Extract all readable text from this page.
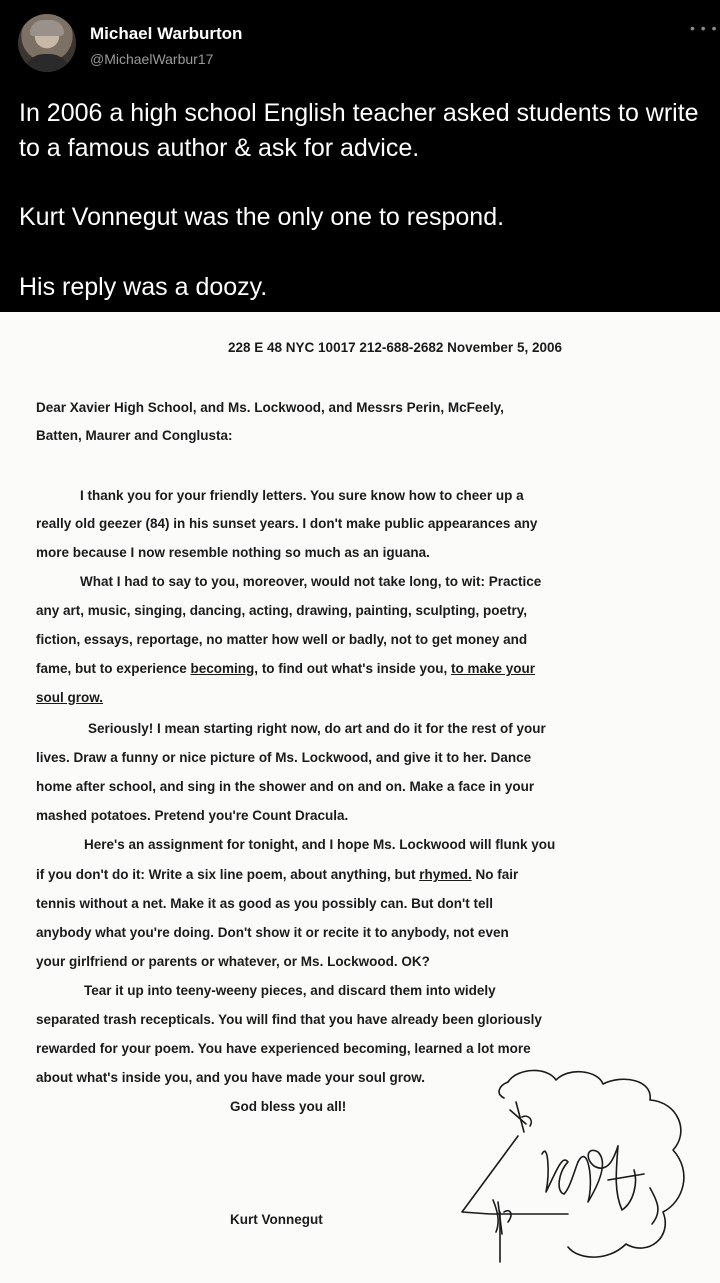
Michael Warburton
@MichaelWarbur17
• • •
In 2006 a high school English teacher asked students to write to a famous author & ask for advice.
Kurt Vonnegut was the only one to respond.
His reply was a doozy.
228 E 48 NYC 10017 212-688-2682 November 5, 2006
Dear Xavier High School, and Ms. Lockwood, and Messrs Perin, McFeely,
Batten, Maurer and Conglusta:
I thank you for your friendly letters. You sure know how to cheer up a
really old geezer (84) in his sunset years. I don't make public appearances any
more because I now resemble nothing so much as an iguana.
What I had to say to you, moreover, would not take long, to wit: Practice
any art, music, singing, dancing, acting, drawing, painting, sculpting, poetry,
fiction, essays, reportage, no matter how well or badly, not to get money and
fame, but to experience becoming, to find out what's inside you, to make your
soul grow.
Seriously! I mean starting right now, do art and do it for the rest of your
lives. Draw a funny or nice picture of Ms. Lockwood, and give it to her. Dance
home after school, and sing in the shower and on and on. Make a face in your
mashed potatoes. Pretend you're Count Dracula.
Here's an assignment for tonight, and I hope Ms. Lockwood will flunk you
if you don't do it: Write a six line poem, about anything, but rhymed. No fair
tennis without a net. Make it as good as you possibly can. But don't tell
anybody what you're doing. Don't show it or recite it to anybody, not even
your girlfriend or parents or whatever, or Ms. Lockwood. OK?
Tear it up into teeny-weeny pieces, and discard them into widely
separated trash recepticals. You will find that you have already been gloriously
rewarded for your poem. You have experienced becoming, learned a lot more
about what's inside you, and you have made your soul grow.
God bless you all!
Kurt Vonnegut
